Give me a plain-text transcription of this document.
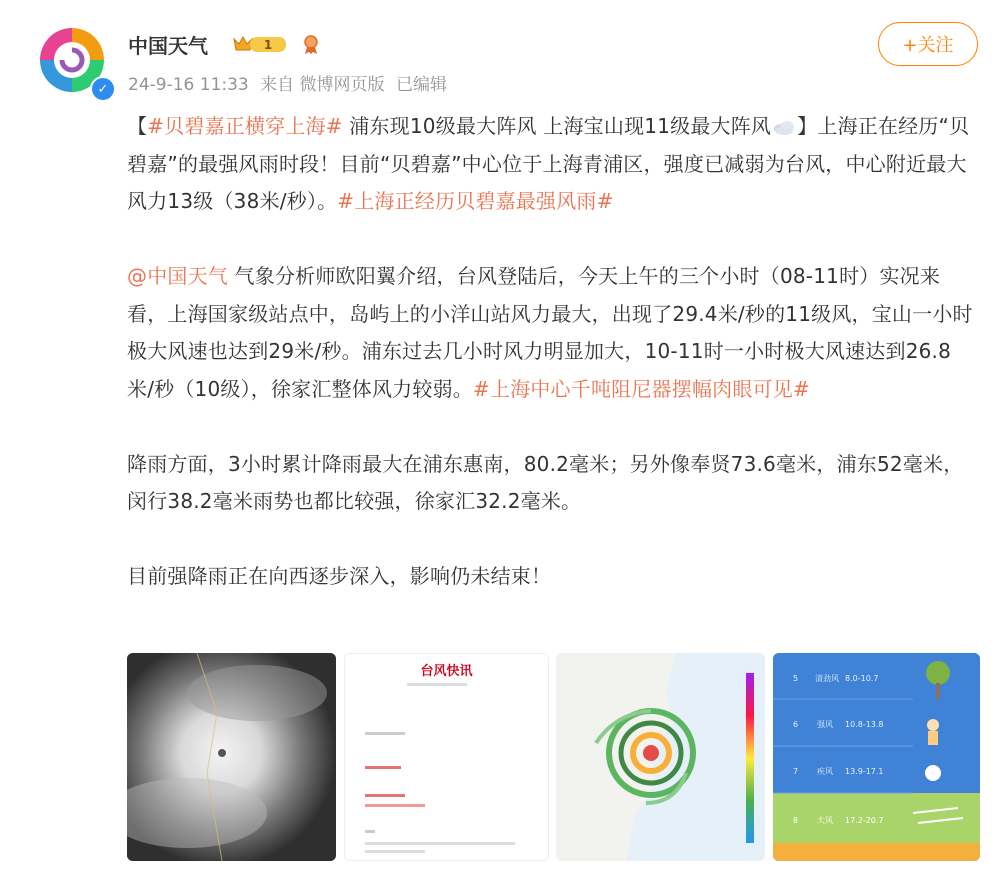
✓
中国天气	1
24-9-16 11:33 来自 微博网页版 已编辑
+关注

【#贝碧嘉正横穿上海# 浦东现10级最大阵风 上海宝山现11级最大阵风 】上海正在经历“贝碧嘉”的最强风雨时段！目前“贝碧嘉”中心位于上海青浦区，强度已减弱为台风，中心附近最大风力13级（38米/秒）。#上海正经历贝碧嘉最强风雨#

@中国天气 气象分析师欧阳翼介绍，台风登陆后，今天上午的三个小时（08-11时）实况来看，上海国家级站点中，岛屿上的小洋山站风力最大，出现了29.4米/秒的11级风，宝山一小时极大风速也达到29米/秒。浦东过去几小时风力明显加大，10-11时一小时极大风速达到26.8米/秒（10级），徐家汇整体风力较弱。#上海中心千吨阻尼器摆幅肉眼可见#

降雨方面，3小时累计降雨最大在浦东惠南，80.2毫米；另外像奉贤73.6毫米，浦东52毫米，闵行38.2毫米雨势也都比较强，徐家汇32.2毫米。

目前强降雨正在向西逐步深入，影响仍未结束！

台风快讯	5 清劲风 8.0-10.7
6 强风 10.8-13.8
7 疾风 13.9-17.1
8 大风 17.2-20.7
